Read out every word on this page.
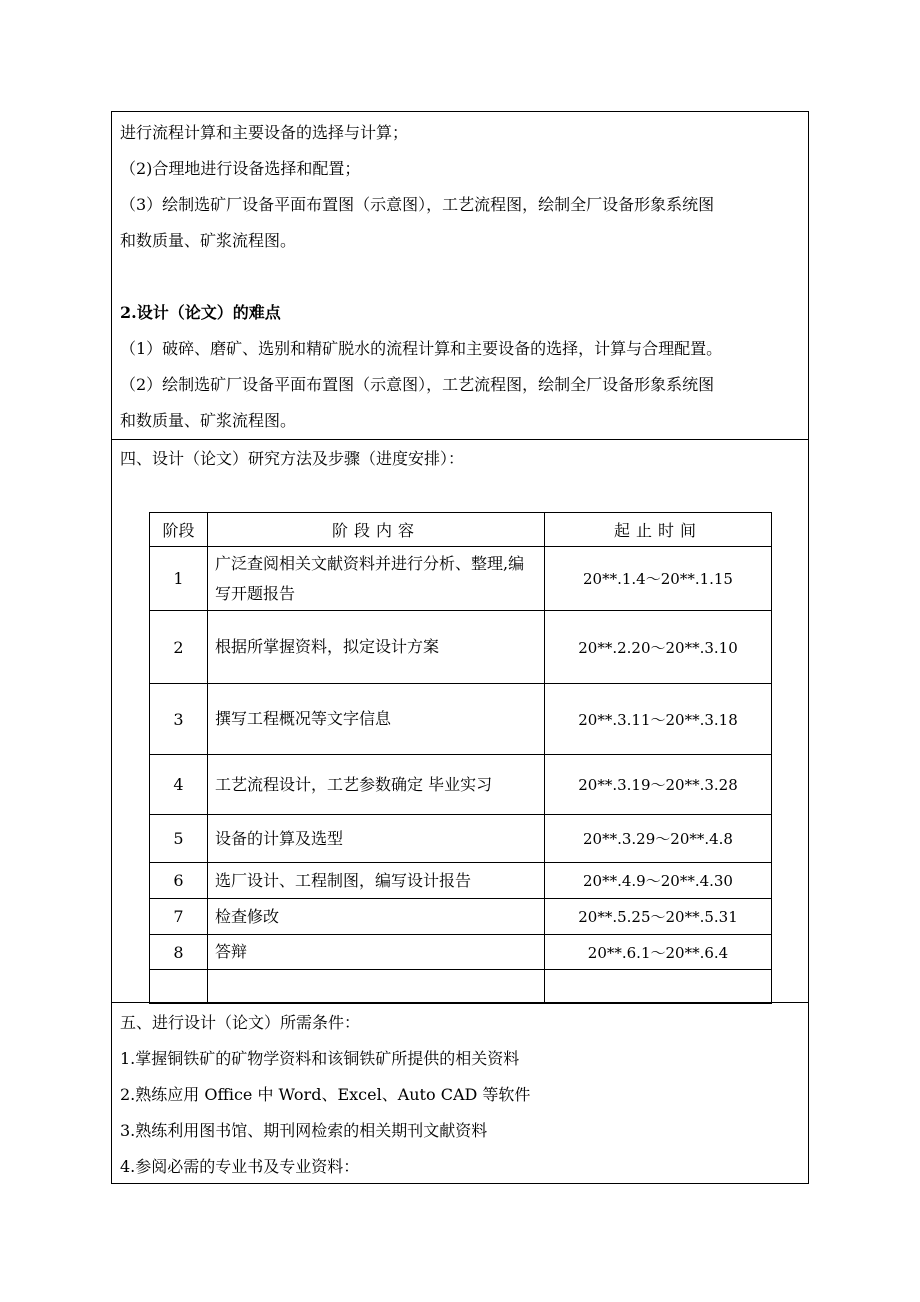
进行流程计算和主要设备的选择与计算；
（2)合理地进行设备选择和配置；
（3）绘制选矿厂设备平面布置图（示意图），工艺流程图，绘制全厂设备形象系统图
和数质量、矿浆流程图。
2.设计（论文）的难点
（1）破碎、磨矿、选别和精矿脱水的流程计算和主要设备的选择，计算与合理配置。
（2）绘制选矿厂设备平面布置图（示意图），工艺流程图，绘制全厂设备形象系统图
和数质量、矿浆流程图。
四、设计（论文）研究方法及步骤（进度安排）：
阶段	阶段内容	起止时间
1	广泛查阅相关文献资料并进行分析、整理,编写开题报告	20**.1.4～20**.1.15
2	根据所掌握资料，拟定设计方案	20**.2.20～20**.3.10
3	撰写工程概况等文字信息	20**.3.11～20**.3.18
4	工艺流程设计，工艺参数确定 毕业实习	20**.3.19～20**.3.28
5	设备的计算及选型	20**.3.29～20**.4.8
6	选厂设计、工程制图，编写设计报告	20**.4.9～20**.4.30
7	检查修改	20**.5.25～20**.5.31
8	答辩	20**.6.1～20**.6.4

五、进行设计（论文）所需条件：
1.掌握铜铁矿的矿物学资料和该铜铁矿所提供的相关资料
2.熟练应用 Office 中 Word、Excel、Auto CAD 等软件
3.熟练利用图书馆、期刊网检索的相关期刊文献资料
4.参阅必需的专业书及专业资料：
